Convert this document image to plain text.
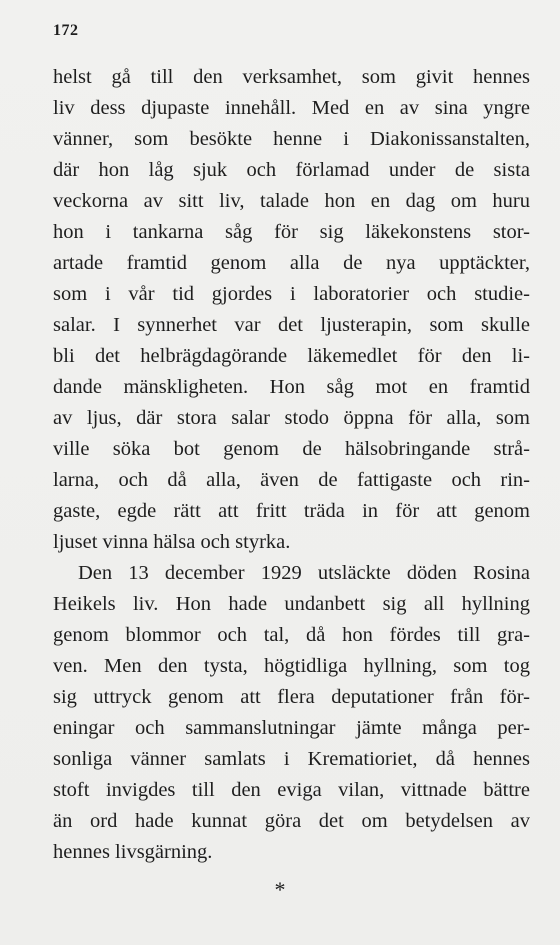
172
helst gå till den verksamhet, som givit hennes
liv dess djupaste innehåll. Med en av sina yngre
vänner, som besökte henne i Diakonissanstalten,
där hon låg sjuk och förlamad under de sista
veckorna av sitt liv, talade hon en dag om huru
hon i tankarna såg för sig läkekonstens stor-
artade framtid genom alla de nya upptäckter,
som i vår tid gjordes i laboratorier och studie-
salar. I synnerhet var det ljusterapin, som skulle
bli det helbrägdagörande läkemedlet för den li-
dande mänskligheten. Hon såg mot en framtid
av ljus, där stora salar stodo öppna för alla, som
ville söka bot genom de hälsobringande strå-
larna, och då alla, även de fattigaste och rin-
gaste, egde rätt att fritt träda in för att genom
ljuset vinna hälsa och styrka.
Den 13 december 1929 utsläckte döden Rosina
Heikels liv. Hon hade undanbett sig all hyllning
genom blommor och tal, då hon fördes till gra-
ven. Men den tysta, högtidliga hyllning, som tog
sig uttryck genom att flera deputationer från för-
eningar och sammanslutningar jämte många per-
sonliga vänner samlats i Krematioriet, då hennes
stoft invigdes till den eviga vilan, vittnade bättre
än ord hade kunnat göra det om betydelsen av
hennes livsgärning.
*
